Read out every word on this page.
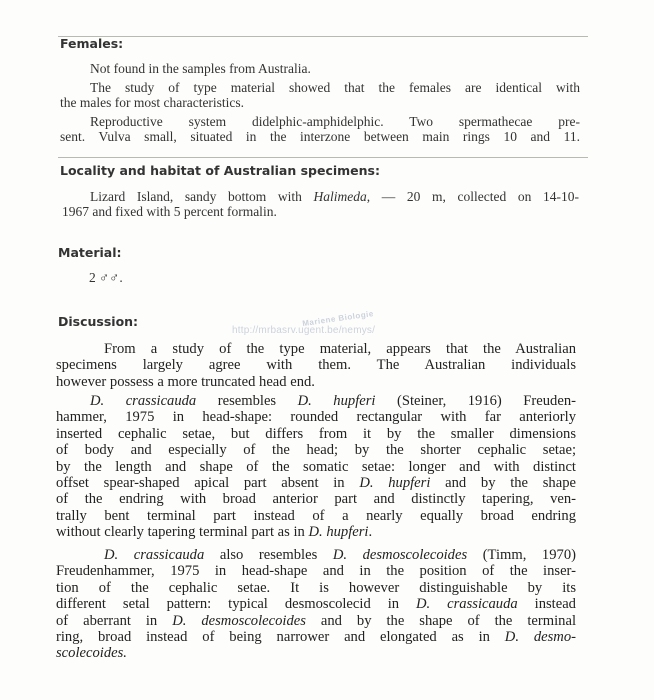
Females:
Not found in the samples from Australia.
The study of type material showed that the females are identical with
the males for most characteristics.
Reproductive system didelphic-amphidelphic. Two spermathecae pre-
sent. Vulva small, situated in the interzone between main rings 10 and 11.
Locality and habitat of Australian specimens:
Lizard Island, sandy bottom with Halimeda, — 20 m, collected on 14-10-
1967 and fixed with 5 percent formalin.
Material:
2 ♂♂.
Discussion:
From a study of the type material, appears that the Australian
specimens largely agree with them. The Australian individuals
however possess a more truncated head end.
D. crassicauda resembles D. hupferi (Steiner, 1916) Freuden-
hammer, 1975 in head-shape: rounded rectangular with far anteriorly
inserted cephalic setae, but differs from it by the smaller dimensions
of body and especially of the head; by the shorter cephalic setae;
by the length and shape of the somatic setae: longer and with distinct
offset spear-shaped apical part absent in D. hupferi and by the shape
of the endring with broad anterior part and distinctly tapering, ven-
trally bent terminal part instead of a nearly equally broad endring
without clearly tapering terminal part as in D. hupferi.
D. crassicauda also resembles D. desmoscolecoides (Timm, 1970)
Freudenhammer, 1975 in head-shape and in the position of the inser-
tion of the cephalic setae. It is however distinguishable by its
different setal pattern: typical desmoscolecid in D. crassicauda instead
of aberrant in D. desmoscolecoides and by the shape of the terminal
ring, broad instead of being narrower and elongated as in D. desmo-
scolecoides.
Mariene Biologie
http://mrbasrv.ugent.be/nemys/
